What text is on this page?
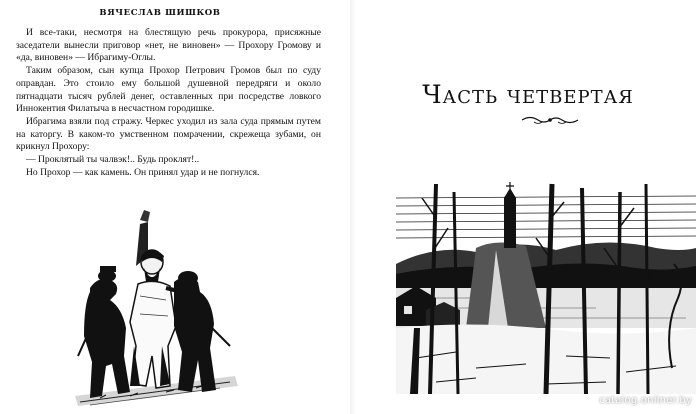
ВЯЧЕСЛАВ ШИШКОВ

И все-таки, несмотря на блестящую речь прокурора, присяжные заседатели вынесли приговор «нет, не виновен» — Прохору Громову и «да, виновен» — Ибрагиму-Оглы.

Таким образом, сын купца Прохор Петрович Громов был по суду оправдан. Это стоило ему большой душевной передряги и около пятнадцати тысяч рублей денег, оставленных при посредстве ловкого Иннокентия Филатыча в несчастном городишке.

Ибрагима взяли под стражу. Черкес уходил из зала суда прямым путем на каторгу. В каком-то умственном помрачении, скрежеща зубами, он крикнул Прохору:

— Проклятый ты чалвэк!.. Будь проклят!..

Но Прохор — как камень. Он принял удар и не погнулся.

Часть четвертая
catalog.onliner.by
